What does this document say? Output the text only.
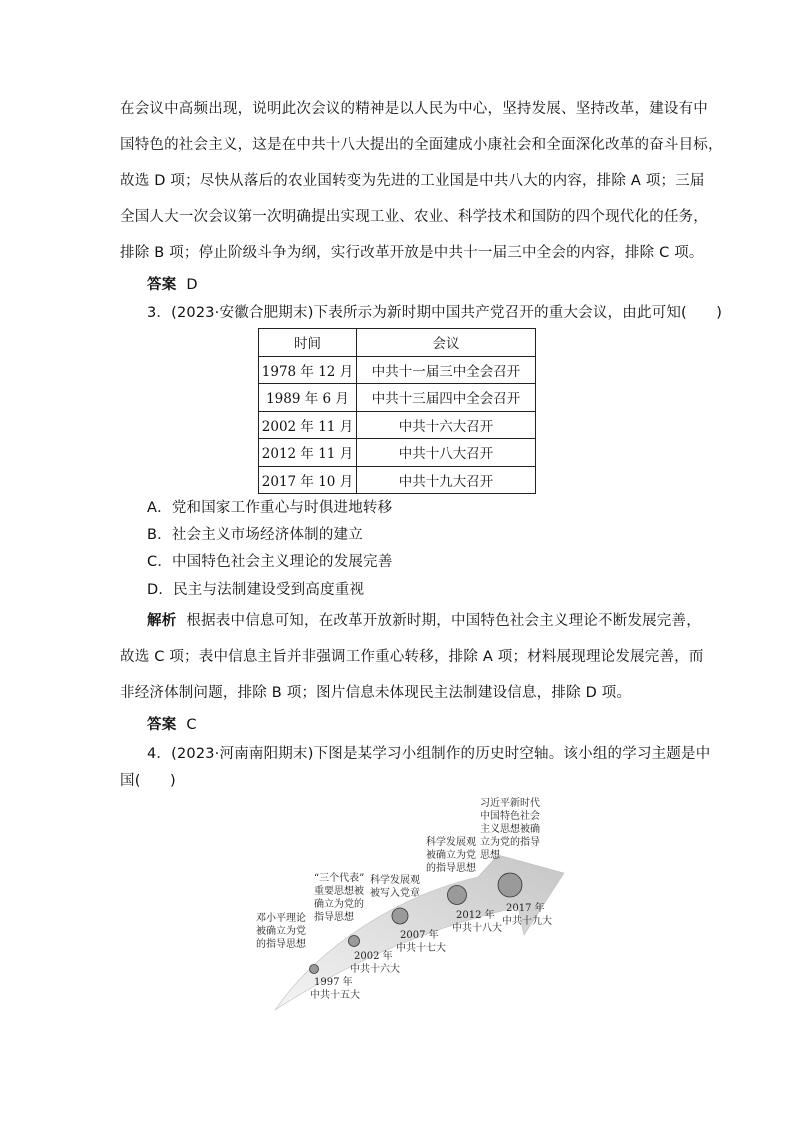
在会议中高频出现，说明此次会议的精神是以人民为中心，坚持发展、坚持改革，建设有中
国特色的社会主义，这是在中共十八大提出的全面建成小康社会和全面深化改革的奋斗目标，
故选 D 项；尽快从落后的农业国转变为先进的工业国是中共八大的内容，排除 A 项；三届
全国人大一次会议第一次明确提出实现工业、农业、科学技术和国防的四个现代化的任务，
排除 B 项；停止阶级斗争为纲，实行改革开放是中共十一届三中全会的内容，排除 C 项。
答案 D
3．(2023·安徽合肥期末)下表所示为新时期中国共产党召开的重大会议，由此可知(　　)
时间	会议
1978 年 12 月	中共十一届三中全会召开
1989 年 6 月	中共十三届四中全会召开
2002 年 11 月	中共十六大召开
2012 年 11 月	中共十八大召开
2017 年 10 月	中共十九大召开
A．党和国家工作重心与时俱进地转移
B．社会主义市场经济体制的建立
C．中国特色社会主义理论的发展完善
D．民主与法制建设受到高度重视
解析 根据表中信息可知，在改革开放新时期，中国特色社会主义理论不断发展完善，
故选 C 项；表中信息主旨并非强调工作重心转移，排除 A 项；材料展现理论发展完善，而
非经济体制问题，排除 B 项；图片信息未体现民主法制建设信息，排除 D 项。
答案 C
4．(2023·河南南阳期末)下图是某学习小组制作的历史时空轴。该小组的学习主题是中
国(　　)
邓小平理论
被确立为党
的指导思想
1997 年
中共十五大
“三个代表”
重要思想被
确立为党的
指导思想
2002 年
中共十六大
科学发展观
被写入党章
2007 年
中共十七大
科学发展观
被确立为党
的指导思想
2012 年
中共十八大
习近平新时代
中国特色社会
主义思想被确
立为党的指导
思想
2017 年
中共十九大
